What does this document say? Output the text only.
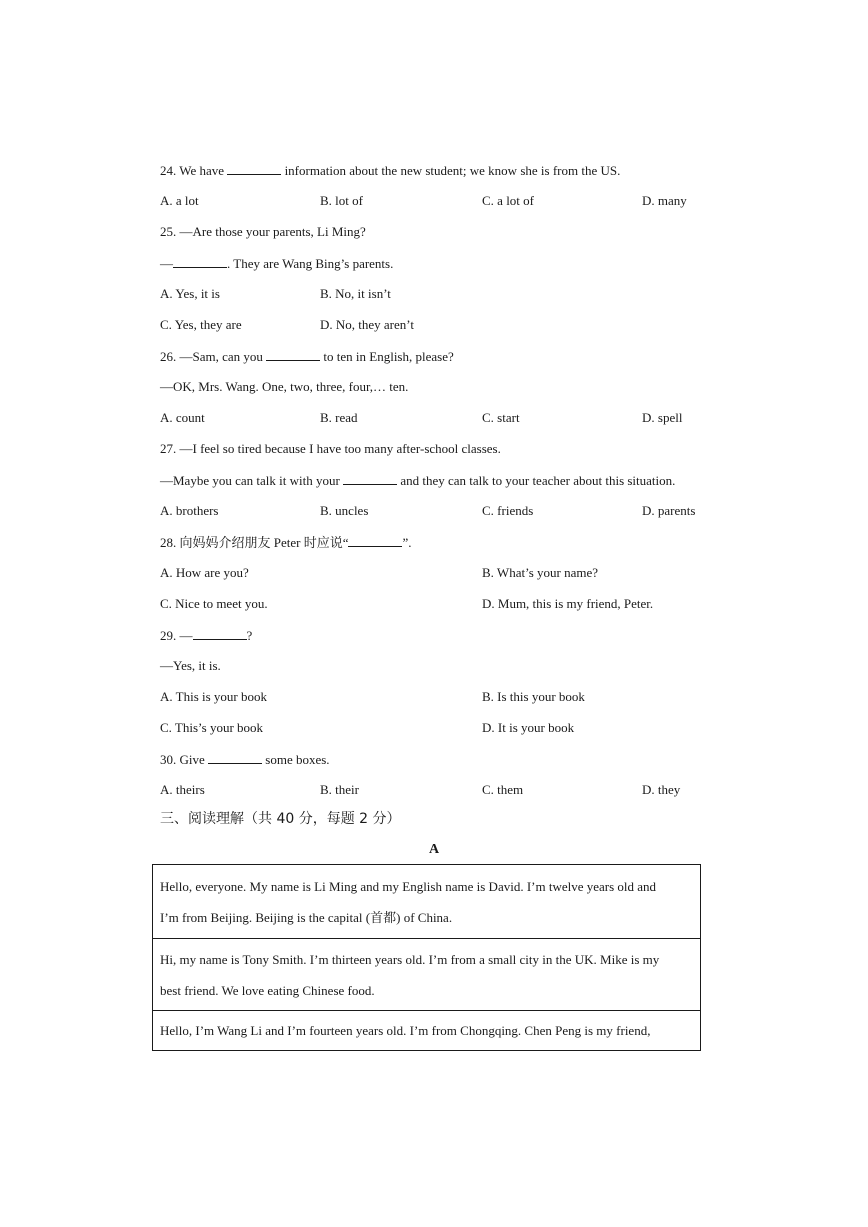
24. We have	information about the new student; we know she is from the US.
A. a lot	B. lot of	C. a lot of	D. many
25. —Are those your parents, Li Ming?
—	. They are Wang Bing’s parents.
A. Yes, it is	B. No, it isn’t
C. Yes, they are	D. No, they aren’t
26. —Sam, can you	to ten in English, please?
—OK, Mrs. Wang. One, two, three, four,… ten.
A. count	B. read	C. start	D. spell
27. —I feel so tired because I have too many after-school classes.
—Maybe you can talk it with your	and they can talk to your teacher about this situation.
A. brothers	B. uncles	C. friends	D. parents
28. 向妈妈介绍朋友 Peter 时应说“	”.
A. How are you?	B. What’s your name?
C. Nice to meet you.	D. Mum, this is my friend, Peter.
29. —	?
—Yes, it is.
A. This is your book	B. Is this your book
C. This’s your book	D. It is your book
30. Give	some boxes.
A. theirs	B. their	C. them	D. they
三、阅读理解（共 40 分，每题 2 分）
A
Hello, everyone. My name is Li Ming and my English name is David. I’m twelve years old and
I’m from Beijing. Beijing is the capital (首都) of China.
Hi, my name is Tony Smith. I’m thirteen years old. I’m from a small city in the UK. Mike is my
best friend. We love eating Chinese food.
Hello, I’m Wang Li and I’m fourteen years old. I’m from Chongqing. Chen Peng is my friend,
